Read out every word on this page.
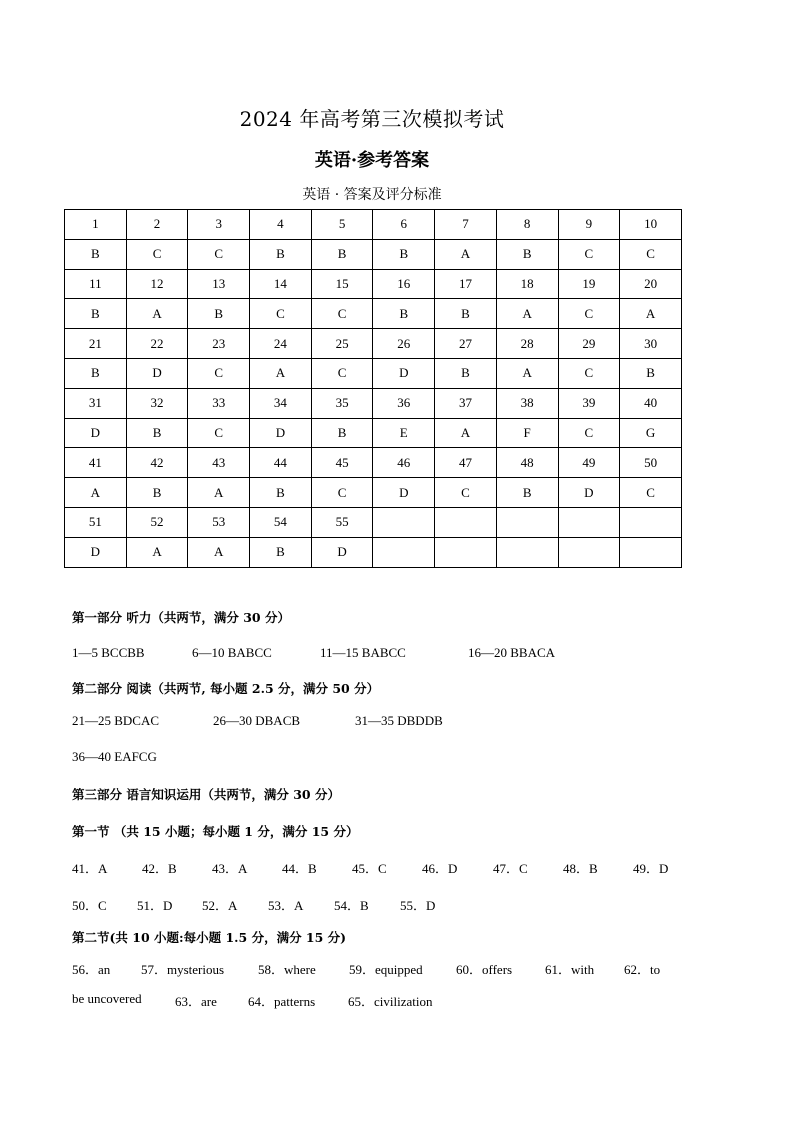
2024 年高考第三次模拟考试
英语·参考答案
英语 · 答案及评分标准
1	2	3	4	5	6	7	8	9	10
B	C	C	B	B	B	A	B	C	C
11	12	13	14	15	16	17	18	19	20
B	A	B	C	C	B	B	A	C	A
21	22	23	24	25	26	27	28	29	30
B	D	C	A	C	D	B	A	C	B
31	32	33	34	35	36	37	38	39	40
D	B	C	D	B	E	A	F	C	G
41	42	43	44	45	46	47	48	49	50
A	B	A	B	C	D	C	B	D	C
51	52	53	54	55					
D	A	A	B	D					
第一部分 听力（共两节，满分 30 分）
1—5 BCCBB	6—10 BABCC	11—15 BABCC	16—20 BBACA
第二部分 阅读（共两节, 每小题 2.5 分，满分 50 分）
21—25 BDCAC	26—30 DBACB	31—35 DBDDB
36—40 EAFCG
第三部分 语言知识运用（共两节，满分 30 分）
第一节 （共 15 小题；每小题 1 分，满分 15 分）
41．A	42．B	43．A	44．B	45．C	46．D	47．C	48．B	49．D
50．C 51．D 52．A 53．A 54．B 55．D
第二节(共 10 小题:每小题 1.5 分，满分 15 分)
56．an 57．mysterious	58．where	59．equipped	60．offers	61．with 62．to
be uncovered	63．are 64．patterns	65．civilization
